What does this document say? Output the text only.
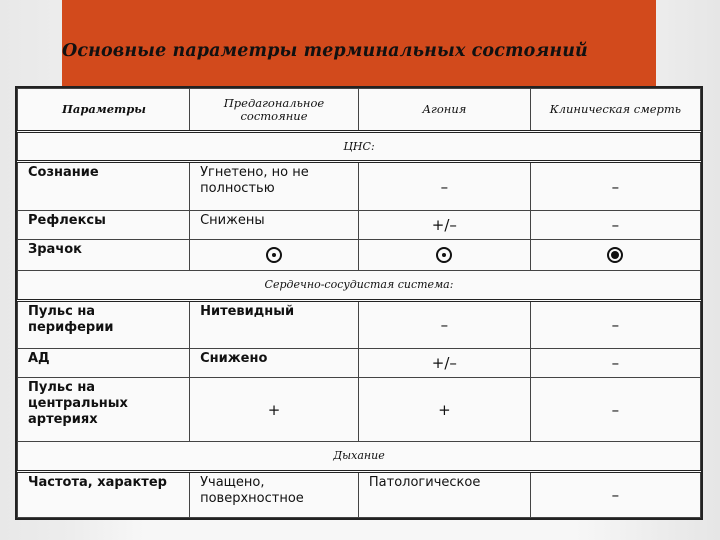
Основные параметры терминальных состояний
Параметры	Предагональное состояние	Агония	Клиническая смерть
ЦНС:			
Сознание	Угнетено, но не полностью	–	–
Рефлексы	Снижены	+/–	–
Зрачок			
Сердечно-сосудистая система:			
Пульс на периферии	Нитевидный	–	–
АД	Снижено	+/–	–
Пульс на центральных артериях	+	+	–
Дыхание			
Частота, характер	Учащено, поверхностное	Патологическое	–
